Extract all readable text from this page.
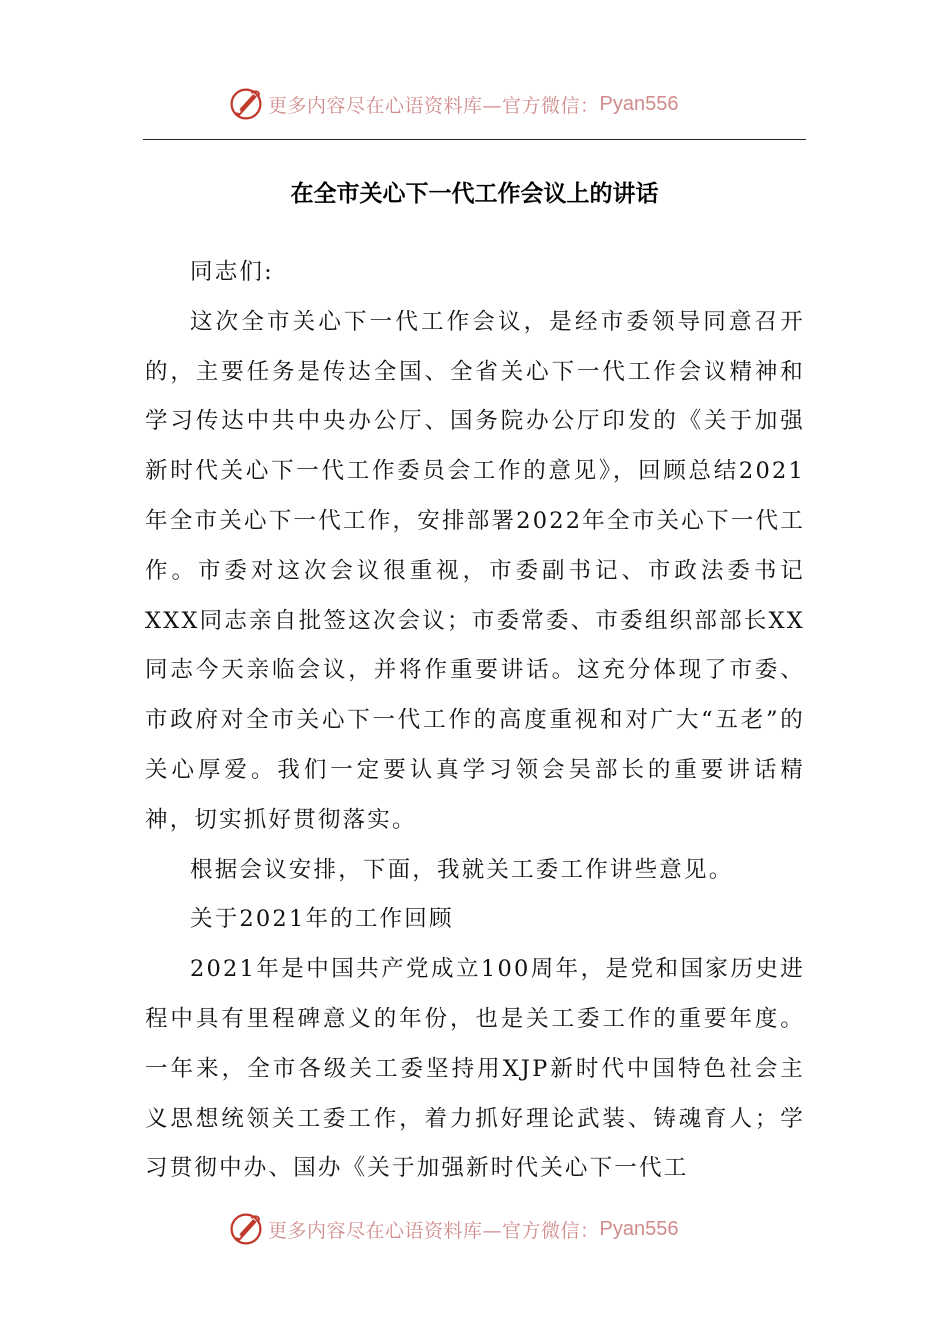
更多内容尽在心语资料库—官方微信： Pyan556
在全市关心下一代工作会议上的讲话

同志们:

这次全市关心下一代工作会议，是经市委领导同意召开的，主要任务是传达全国、全省关心下一代工作会议精神和学习传达中共中央办公厅、国务院办公厅印发的《关于加强新时代关心下一代工作委员会工作的意见》，回顾总结2021年全市关心下一代工作，安排部署2022年全市关心下一代工作。市委对这次会议很重视，市委副书记、市政法委书记XXX同志亲自批签这次会议；市委常委、市委组织部部长XX同志今天亲临会议，并将作重要讲话。这充分体现了市委、市政府对全市关心下一代工作的高度重视和对广大“五老”的关心厚爱。我们一定要认真学习领会吴部长的重要讲话精神，切实抓好贯彻落实。

根据会议安排，下面，我就关工委工作讲些意见。

关于2021年的工作回顾

2021年是中国共产党成立100周年，是党和国家历史进程中具有里程碑意义的年份，也是关工委工作的重要年度。一年来，全市各级关工委坚持用XJP新时代中国特色社会主义思想统领关工委工作，着力抓好理论武装、铸魂育人；学习贯彻中办、国办《关于加强新时代关心下一代工

更多内容尽在心语资料库—官方微信： Pyan556
